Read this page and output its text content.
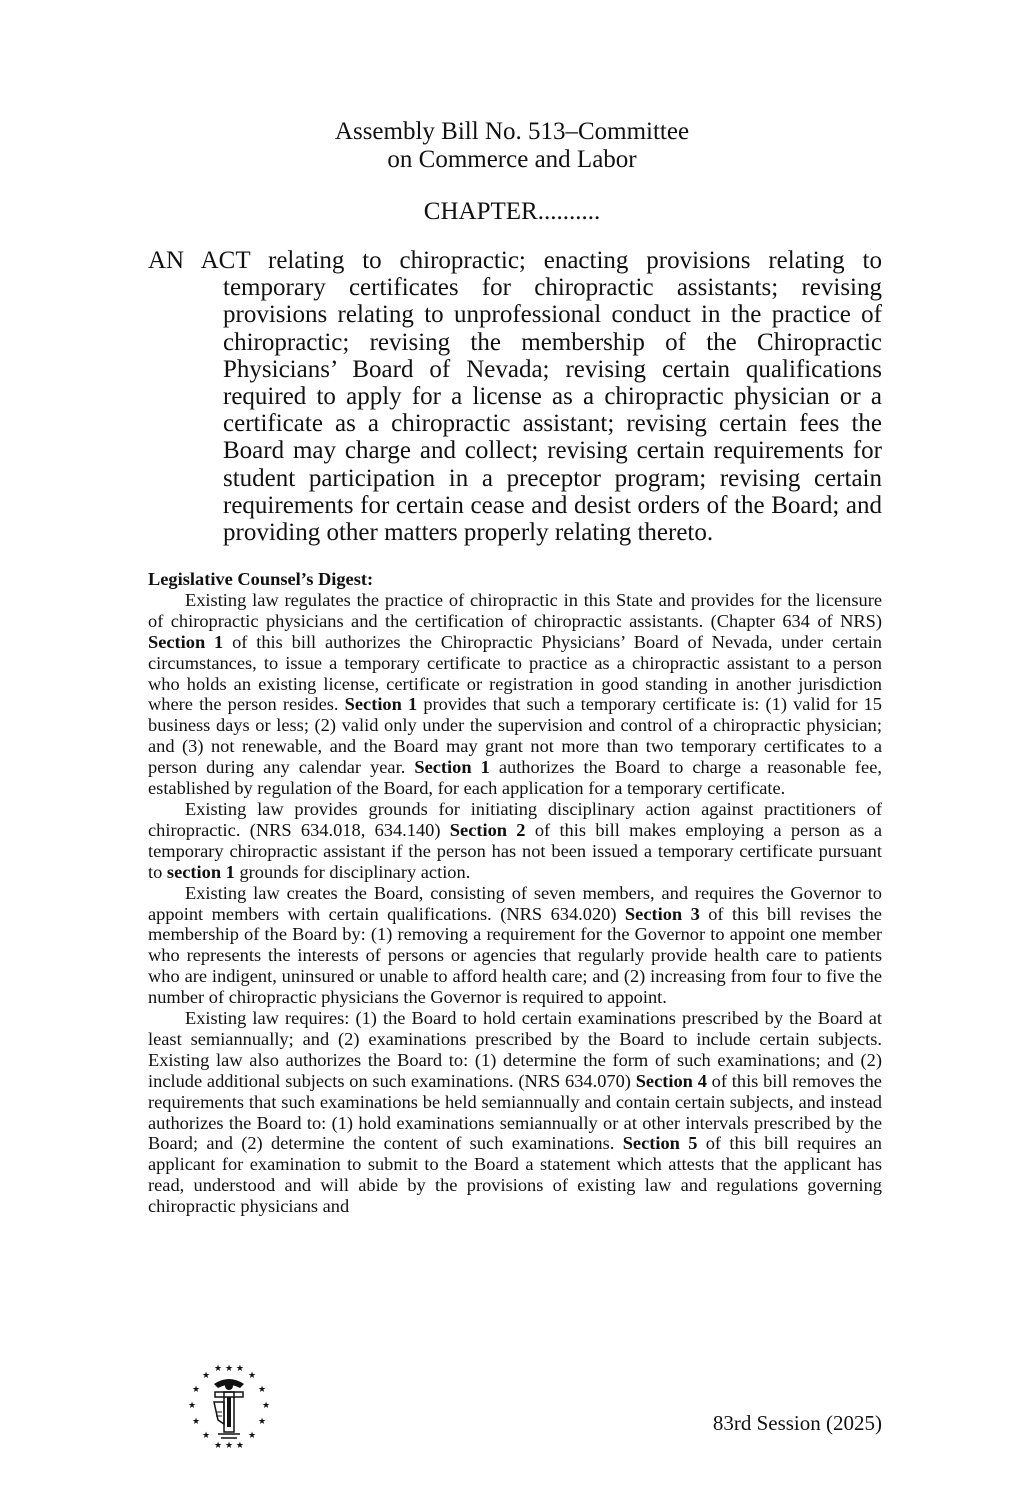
Assembly Bill No. 513–Committee
on Commerce and Labor
CHAPTER..........
AN ACT relating to chiropractic; enacting provisions relating to temporary certificates for chiropractic assistants; revising provisions relating to unprofessional conduct in the practice of chiropractic; revising the membership of the Chiropractic Physicians’ Board of Nevada; revising certain qualifications required to apply for a license as a chiropractic physician or a certificate as a chiropractic assistant; revising certain fees the Board may charge and collect; revising certain requirements for student participation in a preceptor program; revising certain requirements for certain cease and desist orders of the Board; and providing other matters properly relating thereto.
Legislative Counsel’s Digest:

Existing law regulates the practice of chiropractic in this State and provides for the licensure of chiropractic physicians and the certification of chiropractic assistants. (Chapter 634 of NRS) Section 1 of this bill authorizes the Chiropractic Physicians’ Board of Nevada, under certain circumstances, to issue a temporary certificate to practice as a chiropractic assistant to a person who holds an existing license, certificate or registration in good standing in another jurisdiction where the person resides. Section 1 provides that such a temporary certificate is: (1) valid for 15 business days or less; (2) valid only under the supervision and control of a chiropractic physician; and (3) not renewable, and the Board may grant not more than two temporary certificates to a person during any calendar year. Section 1 authorizes the Board to charge a reasonable fee, established by regulation of the Board, for each application for a temporary certificate.

Existing law provides grounds for initiating disciplinary action against practitioners of chiropractic. (NRS 634.018, 634.140) Section 2 of this bill makes employing a person as a temporary chiropractic assistant if the person has not been issued a temporary certificate pursuant to section 1 grounds for disciplinary action.

Existing law creates the Board, consisting of seven members, and requires the Governor to appoint members with certain qualifications. (NRS 634.020) Section 3 of this bill revises the membership of the Board by: (1) removing a requirement for the Governor to appoint one member who represents the interests of persons or agencies that regularly provide health care to patients who are indigent, uninsured or unable to afford health care; and (2) increasing from four to five the number of chiropractic physicians the Governor is required to appoint.

Existing law requires: (1) the Board to hold certain examinations prescribed by the Board at least semiannually; and (2) examinations prescribed by the Board to include certain subjects. Existing law also authorizes the Board to: (1) determine the form of such examinations; and (2) include additional subjects on such examinations. (NRS 634.070) Section 4 of this bill removes the requirements that such examinations be held semiannually and contain certain subjects, and instead authorizes the Board to: (1) hold examinations semiannually or at other intervals prescribed by the Board; and (2) determine the content of such examinations. Section 5 of this bill requires an applicant for examination to submit to the Board a statement which attests that the applicant has read, understood and will abide by the provisions of existing law and regulations governing chiropractic physicians and

★ ★ ★
★	★
★	★
★	★
★	★
★	★
★ ★ ★
83rd Session (2025)
